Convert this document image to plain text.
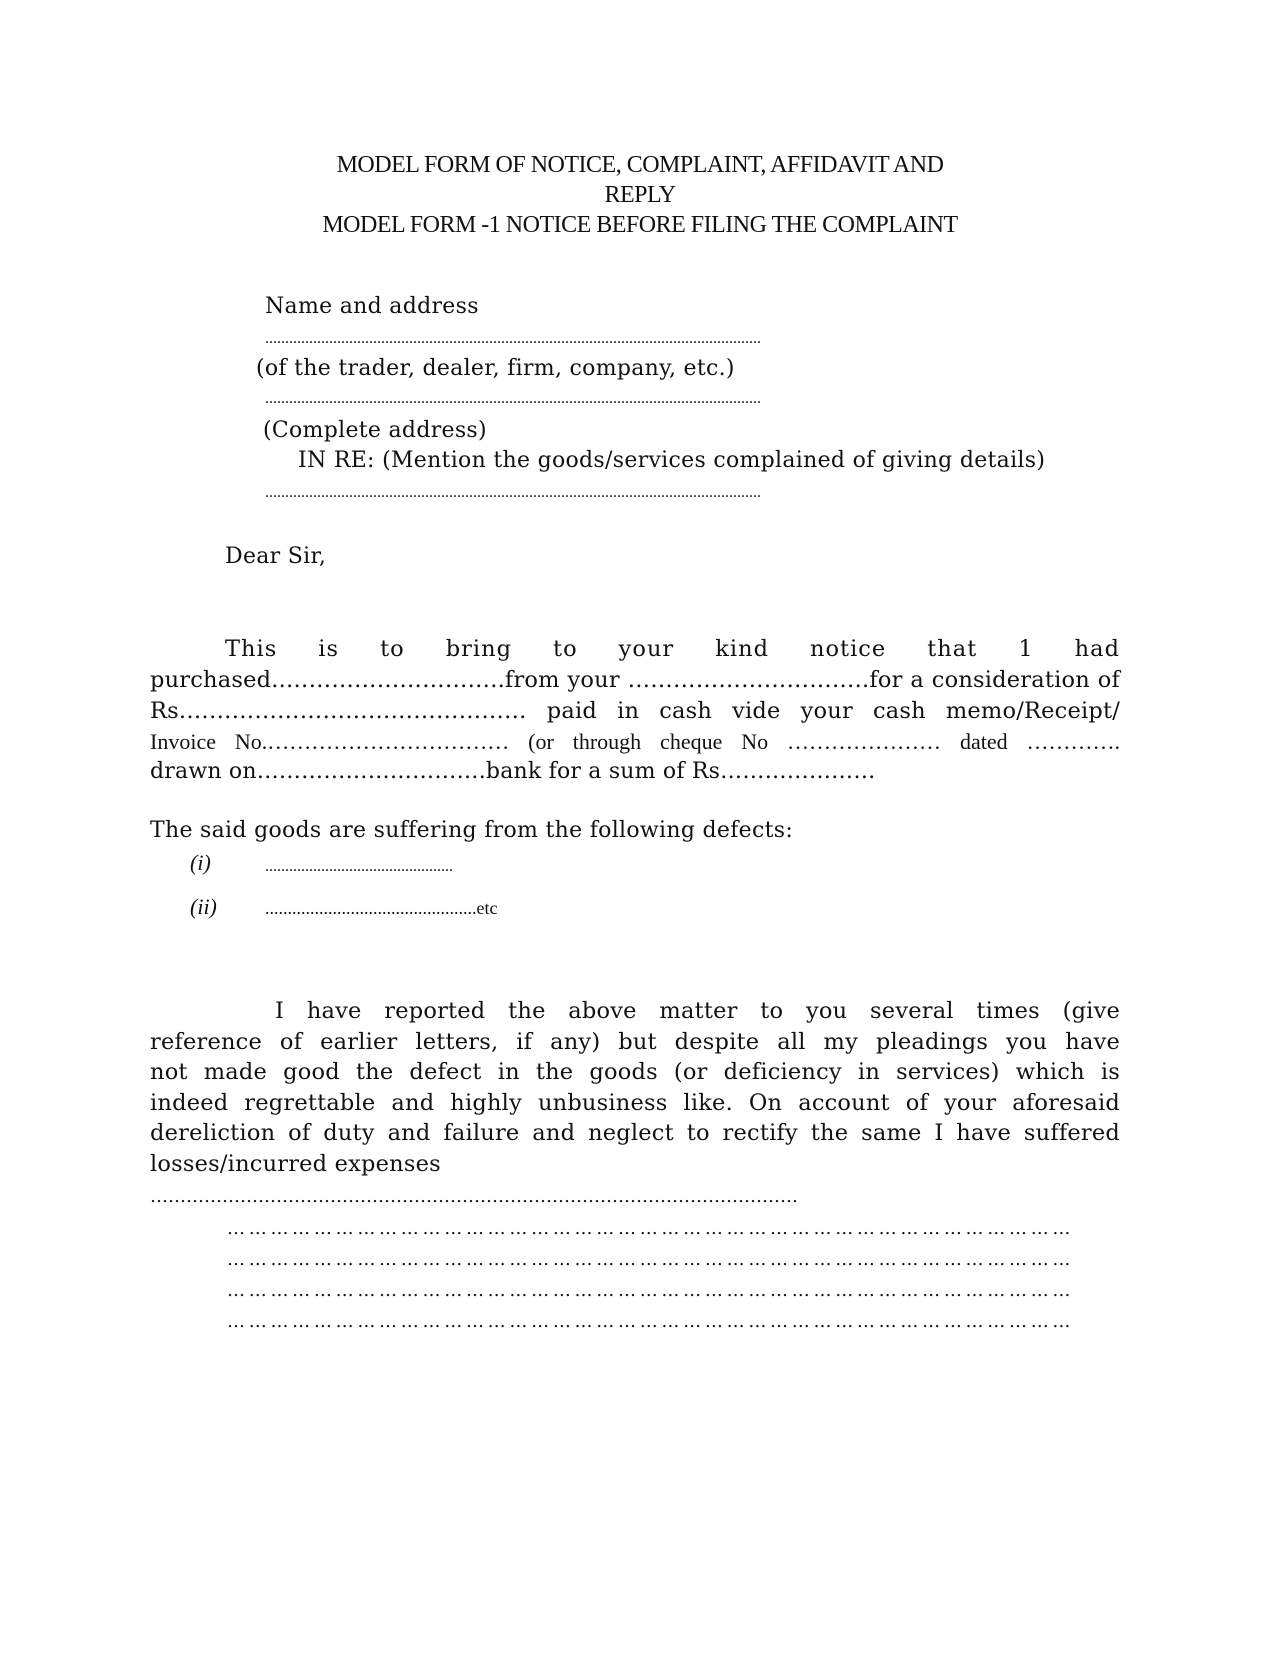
MODEL FORM OF NOTICE, COMPLAINT, AFFIDAVIT AND
REPLY
MODEL FORM -1 NOTICE BEFORE FILING THE COMPLAINT
Name and address
............................................................................................................................
(of the trader, dealer, firm, company, etc.)
............................................................................................................................
(Complete address)
IN RE: (Mention the goods/services complained of giving details)
............................................................................................................................
Dear Sir,
This is to bring to your kind notice that 1 had
purchased..………………………..from your …………………………..for a consideration of
Rs.……………………………………… paid in cash vide your cash memo/Receipt/
Invoice No.…………………………… (or through cheque No ………………… dated ………….
drawn on………………………….bank for a sum of Rs…………………
The said goods are suffering from the following defects:
(i)	...............................................
(ii)	...............................................etc
I have reported the above matter to you several times (give
reference of earlier letters, if any) but despite all my pleadings you have
not made good the defect in the goods (or deficiency in services) which is
indeed regrettable and highly unbusiness like. On account of your aforesaid
dereliction of duty and failure and neglect to rectify the same I have suffered
losses/incurred expenses
………………………………………………………………………………………………
… … … … … … … … … … … … … … … … … … … … … … … … … … … … … … … … … … … … … … …
… … … … … … … … … … … … … … … … … … … … … … … … … … … … … … … … … … … … … … …
… … … … … … … … … … … … … … … … … … … … … … … … … … … … … … … … … … … … … … …
… … … … … … … … … … … … … … … … … … … … … … … … … … … … … … … … … … … … … … …
